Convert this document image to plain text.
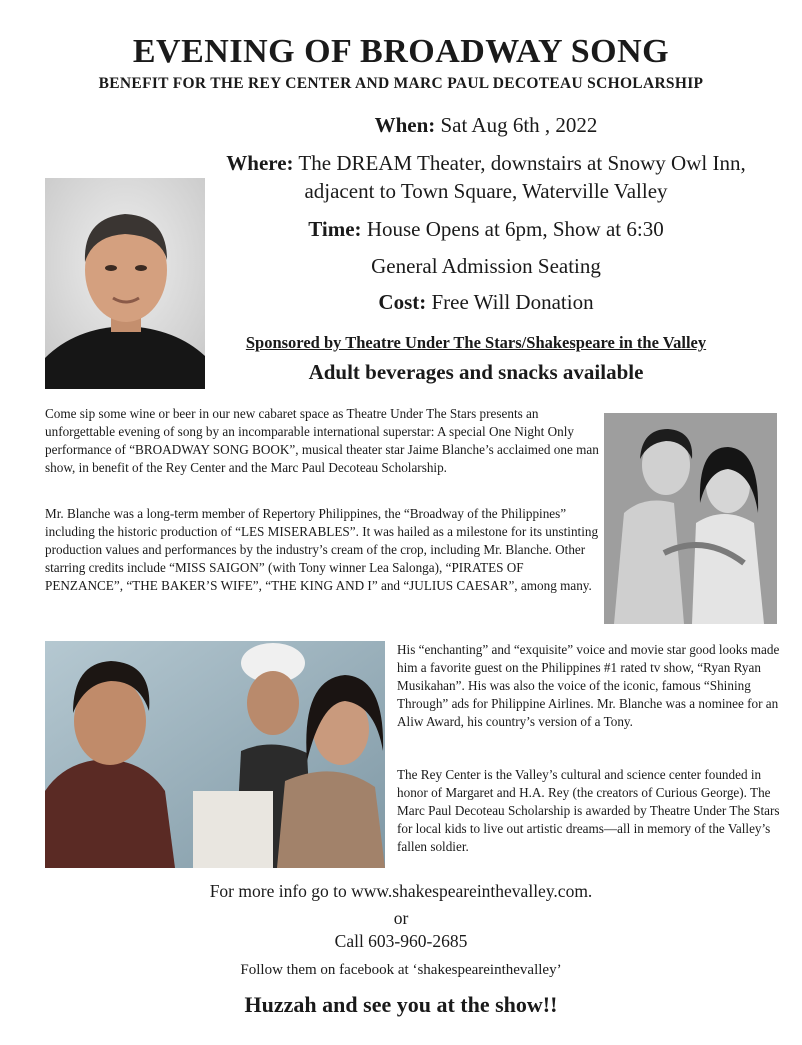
EVENING OF BROADWAY SONG
BENEFIT FOR THE REY CENTER AND MARC PAUL DECOTEAU SCHOLARSHIP
When: Sat Aug 6th , 2022
Where: The DREAM Theater, downstairs at Snowy Owl Inn,
adjacent to Town Square, Waterville Valley
Time: House Opens at 6pm, Show at 6:30
General Admission Seating
Cost: Free Will Donation
Sponsored by Theatre Under The Stars/Shakespeare in the Valley
Adult beverages and snacks available
Come sip some wine or beer in our new cabaret space as Theatre Under The Stars presents an unforgettable evening of song by an incomparable international superstar: A special One Night Only performance of “BROADWAY SONG BOOK”, musical theater star Jaime Blanche’s acclaimed one man show, in benefit of the Rey Center and the Marc Paul Decoteau Scholarship.
Mr. Blanche was a long-term member of Repertory Philippines, the “Broadway of the Philippines” including the historic production of “LES MISERABLES”. It was hailed as a milestone for its unstinting production values and performances by the industry’s cream of the crop, including Mr. Blanche. Other starring credits include “MISS SAIGON” (with Tony winner Lea Salonga), “PIRATES OF PENZANCE”, “THE BAKER’S WIFE”, “THE KING AND I” and “JULIUS CAESAR”, among many.
His “enchanting” and “exquisite” voice and movie star good looks made him a favorite guest on the Philippines #1 rated tv show, “Ryan Ryan Musikahan”. His was also the voice of the iconic, famous “Shining Through” ads for Philippine Airlines. Mr. Blanche was a nominee for an Aliw Award, his country’s version of a Tony.
The Rey Center is the Valley’s cultural and science center founded in honor of Margaret and H.A. Rey (the creators of Curious George). The Marc Paul Decoteau Scholarship is awarded by Theatre Under The Stars for local kids to live out artistic dreams—all in memory of the Valley’s fallen soldier.
For more info go to www.shakespeareinthevalley.com.
or
Call 603-960-2685
Follow them on facebook at ‘shakespeareinthevalley’
Huzzah and see you at the show!!
